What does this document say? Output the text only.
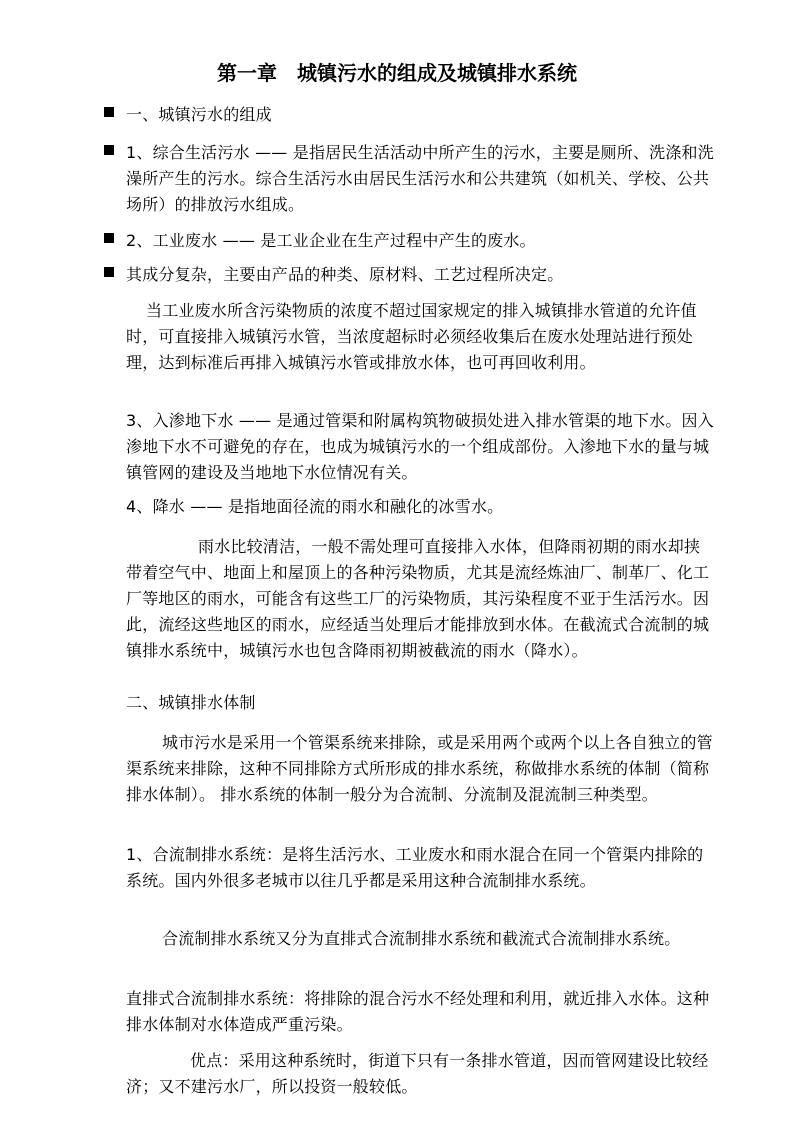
第一章　城镇污水的组成及城镇排水系统
一、城镇污水的组成
1、综合生活污水 —— 是指居民生活活动中所产生的污水，主要是厕所、洗涤和洗澡所产生的污水。综合生活污水由居民生活污水和公共建筑（如机关、学校、公共场所）的排放污水组成。
2、工业废水 —— 是工业企业在生产过程中产生的废水。
其成分复杂，主要由产品的种类、原材料、工艺过程所决定。
当工业废水所含污染物质的浓度不超过国家规定的排入城镇排水管道的允许值时，可直接排入城镇污水管，当浓度超标时必须经收集后在废水处理站进行预处理，达到标准后再排入城镇污水管或排放水体，也可再回收利用。
3、入渗地下水 —— 是通过管渠和附属构筑物破损处进入排水管渠的地下水。因入渗地下水不可避免的存在，也成为城镇污水的一个组成部份。入渗地下水的量与城镇管网的建设及当地地下水位情况有关。
4、降水 —— 是指地面径流的雨水和融化的冰雪水。
雨水比较清洁，一般不需处理可直接排入水体，但降雨初期的雨水却挟带着空气中、地面上和屋顶上的各种污染物质，尤其是流经炼油厂、制革厂、化工厂等地区的雨水，可能含有这些工厂的污染物质，其污染程度不亚于生活污水。因此，流经这些地区的雨水，应经适当处理后才能排放到水体。在截流式合流制的城镇排水系统中，城镇污水也包含降雨初期被截流的雨水（降水）。
二、城镇排水体制
城市污水是采用一个管渠系统来排除，或是采用两个或两个以上各自独立的管渠系统来排除，这种不同排除方式所形成的排水系统，称做排水系统的体制（简称排水体制）。 排水系统的体制一般分为合流制、分流制及混流制三种类型。
1、合流制排水系统：是将生活污水、工业废水和雨水混合在同一个管渠内排除的系统。国内外很多老城市以往几乎都是采用这种合流制排水系统。
合流制排水系统又分为直排式合流制排水系统和截流式合流制排水系统。
直排式合流制排水系统：将排除的混合污水不经处理和利用，就近排入水体。这种排水体制对水体造成严重污染。
优点：采用这种系统时，街道下只有一条排水管道，因而管网建设比较经济；又不建污水厂，所以投资一般较低。
